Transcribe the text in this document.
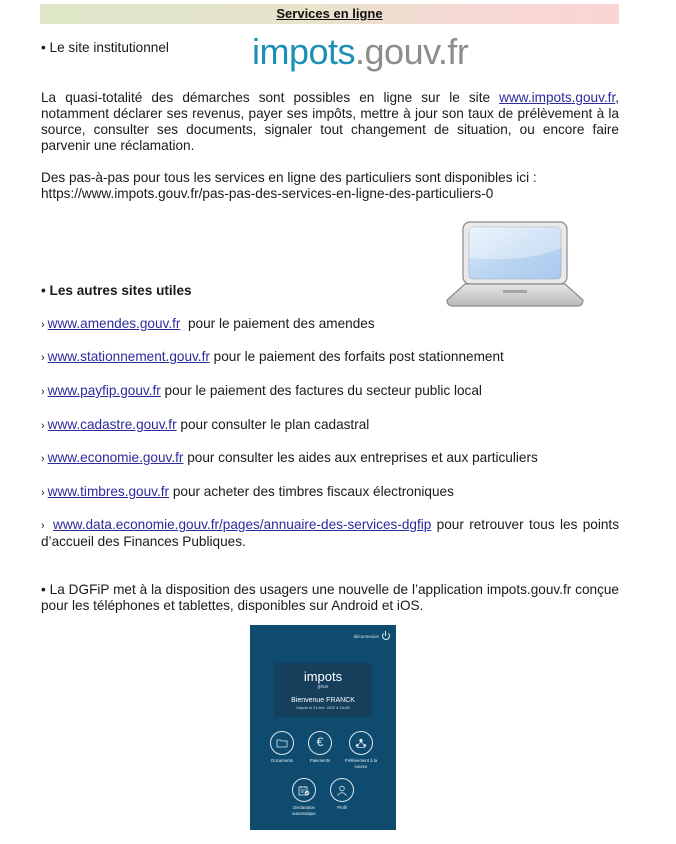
Services en ligne
• Le site institutionnel impots.gouv.fr
La quasi-totalité des démarches sont possibles en ligne sur le site www.impots.gouv.fr, notamment déclarer ses revenus, payer ses impôts, mettre à jour son taux de prélèvement à la source, consulter ses documents, signaler tout changement de situation, ou encore faire parvenir une réclamation.
Des pas-à-pas pour tous les services en ligne des particuliers sont disponibles ici :
https://www.impots.gouv.fr/pas-pas-des-services-en-ligne-des-particuliers-0
• Les autres sites utiles
› www.amendes.gouv.fr  pour le paiement des amendes
› www.stationnement.gouv.fr pour le paiement des forfaits post stationnement
› www.payfip.gouv.fr pour le paiement des factures du secteur public local
› www.cadastre.gouv.fr pour consulter le plan cadastral
› www.economie.gouv.fr pour consulter les aides aux entreprises et aux particuliers
› www.timbres.gouv.fr pour acheter des timbres fiscaux électroniques
› www.data.economie.gouv.fr/pages/annuaire-des-services-dgfip pour retrouver tous les points d’accueil des Finances Publiques.
• La DGFiP met à la disposition des usagers une nouvelle de l’application impots.gouv.fr conçue pour les téléphones et tablettes, disponibles sur Android et iOS.
déconnexion
impots
gouv
Bienvenue FRANCK
Depuis le 21 févr. 2022 à 11h26
Documents
€
Paiements	Prélèvement à la source
Déclaration automatique
Profil
